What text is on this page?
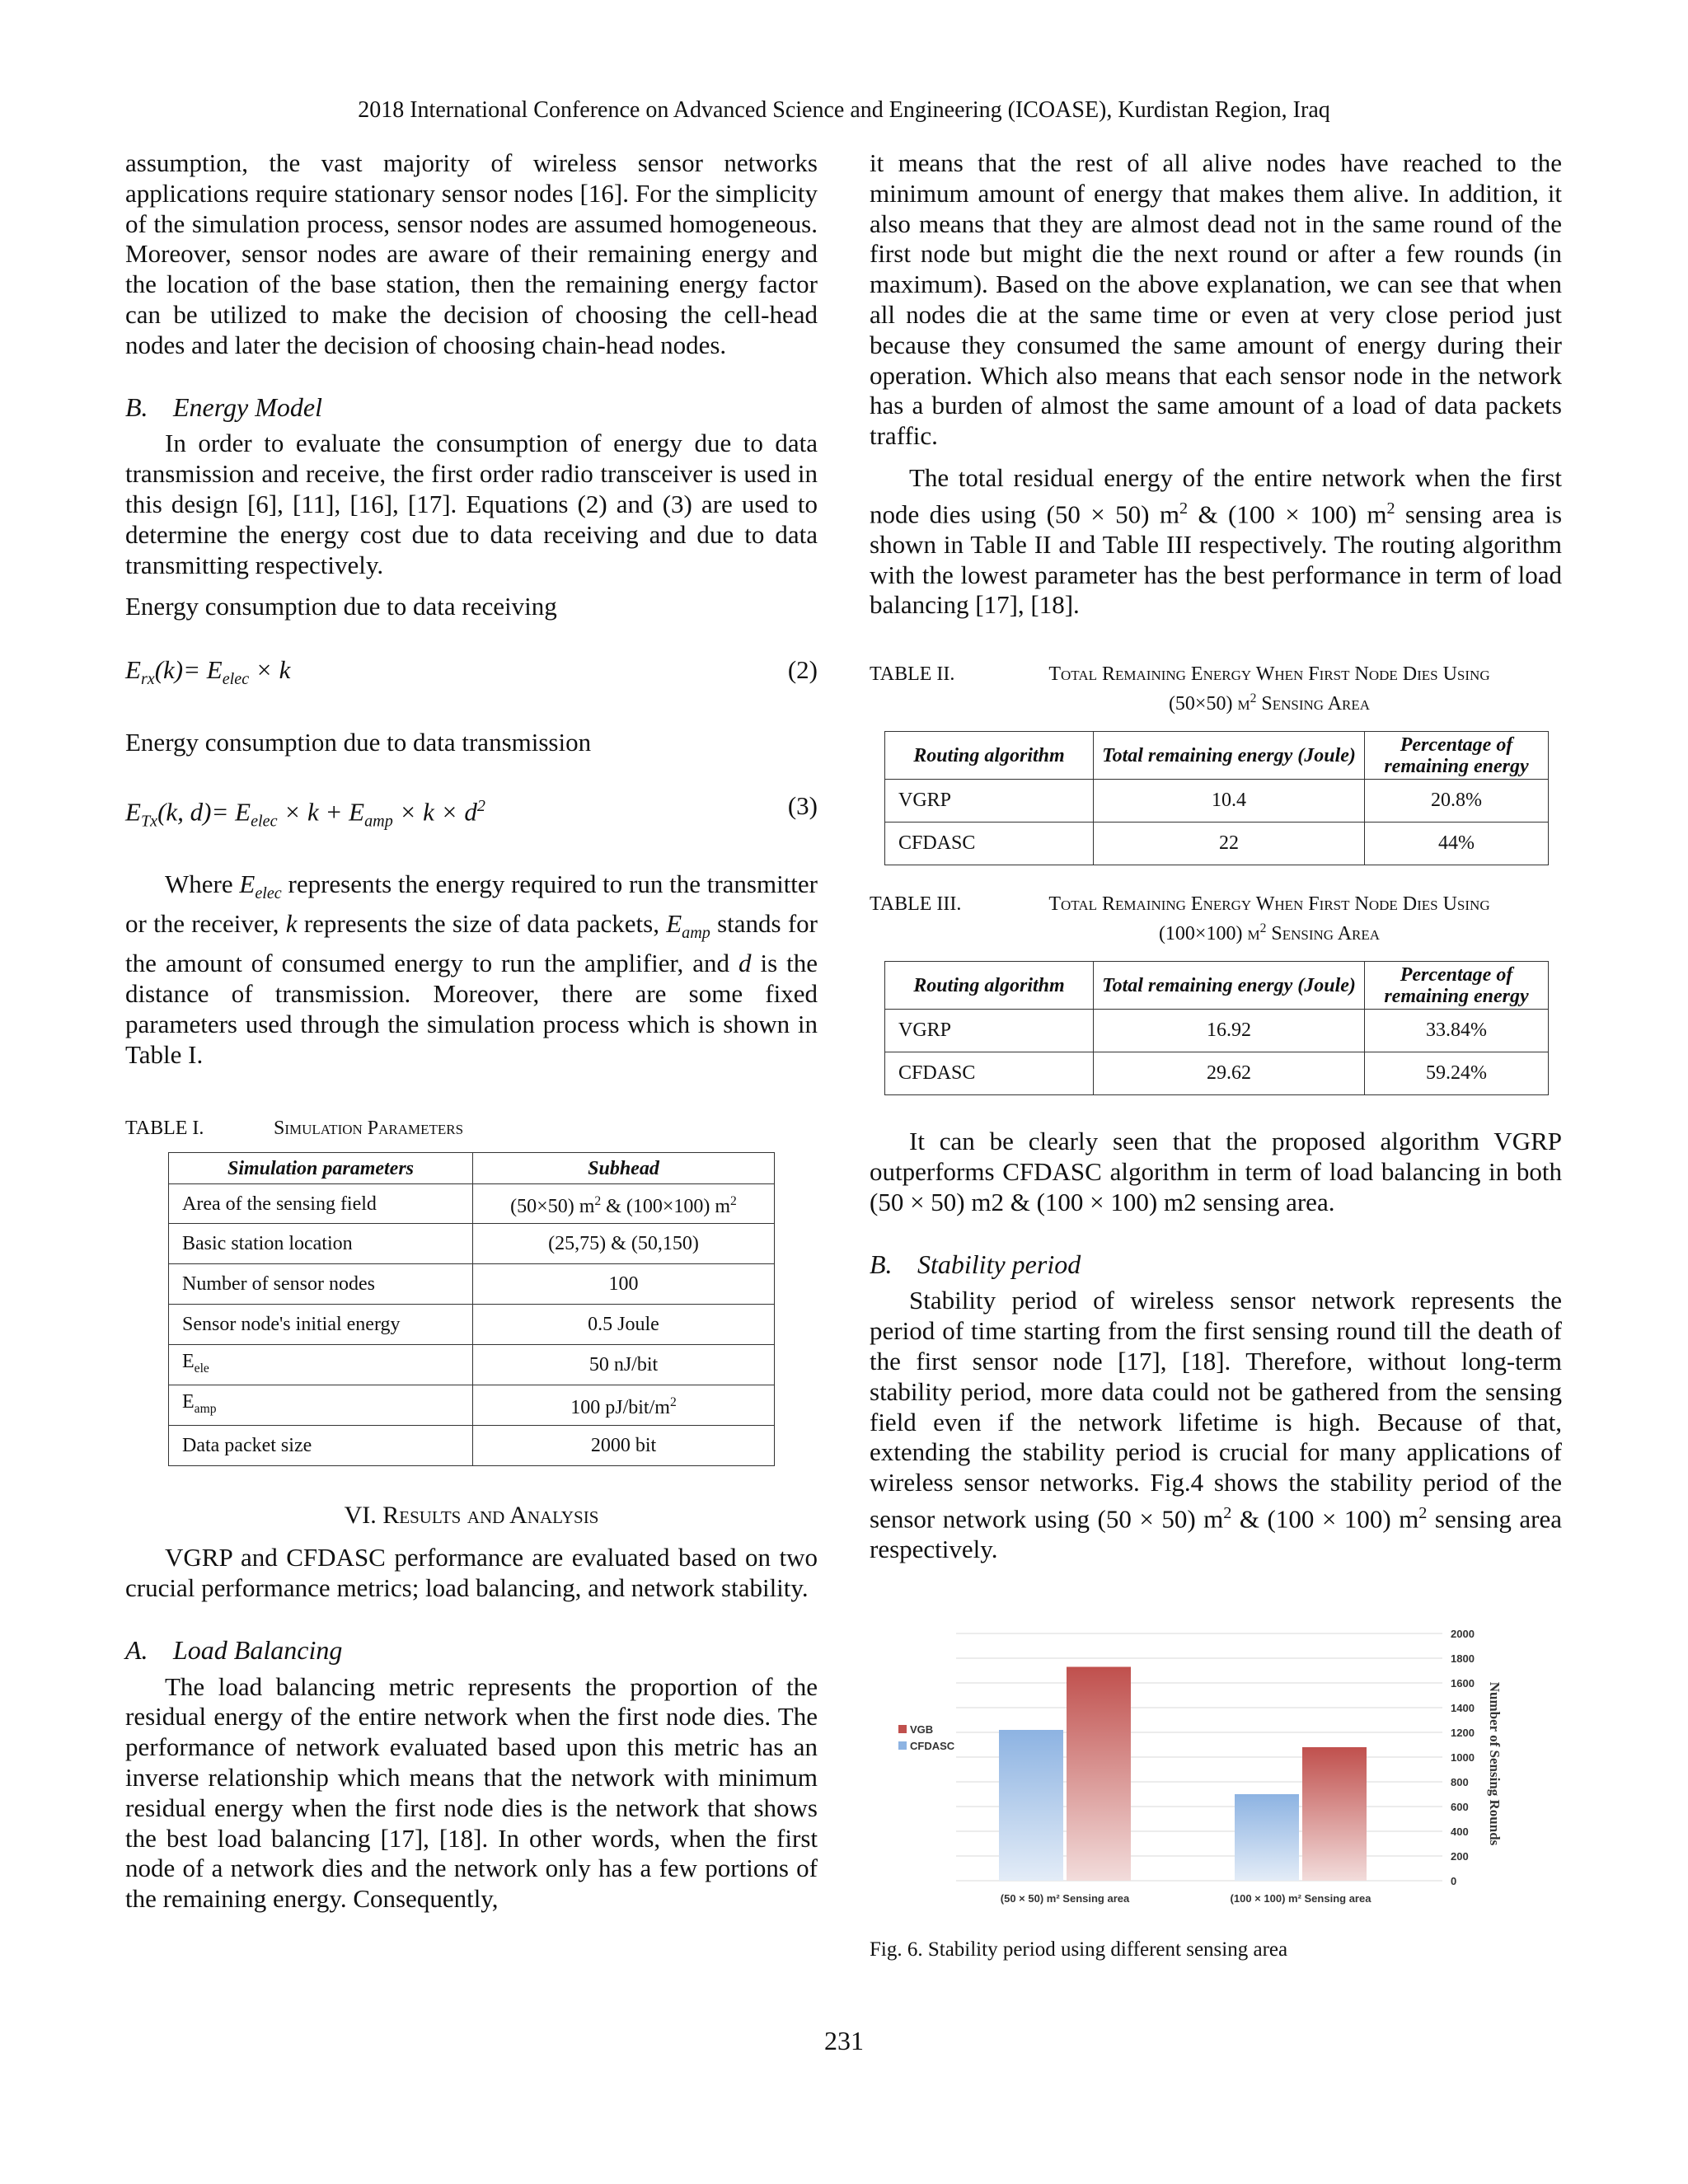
2018 International Conference on Advanced Science and Engineering (ICOASE), Kurdistan Region, Iraq

assumption, the vast majority of wireless sensor networks applications require stationary sensor nodes [16]. For the simplicity of the simulation process, sensor nodes are assumed homogeneous. Moreover, sensor nodes are aware of their remaining energy and the location of the base station, then the remaining energy factor can be utilized to make the decision of choosing the cell-head nodes and later the decision of choosing chain-head nodes.

B. Energy Model

In order to evaluate the consumption of energy due to data transmission and receive, the first order radio transceiver is used in this design [6], [11], [16], [17]. Equations (2) and (3) are used to determine the energy cost due to data receiving and due to data transmitting respectively.

Energy consumption due to data receiving

$E_{rx}(k)= E_{elec} \times k$	(2)

Energy consumption due to data transmission

$E_{Tx}(k$, $d)= E_{elec} \times k + E_{amp} \times k \times d^2$	(3)

Where $E_{elec}$ represents the energy required to run the transmitter or the receiver, k represents the size of data packets, $E_{amp}$ stands for the amount of consumed energy to run the amplifier, and d is the distance of transmission. Moreover, there are some fixed parameters used through the simulation process which is shown in Table I.

TABLE I.	Simulation Parameters
Simulation parameters	Subhead
Area of the sensing field	(50×50) $m^2$ & (100×100) $m^2$
Basic station location	(25,75) & (50,150)
Number of sensor nodes	100
Sensor node's initial energy	0.5 Joule
$E_{ele}$	50 nJ/bit
$E_{amp}$	100 $pJ/bit/m^2$
Data packet size	2000 bit
VI. Results and Analysis

VGRP and CFDASC performance are evaluated based on two crucial performance metrics; load balancing, and network stability.

A. Load Balancing

The load balancing metric represents the proportion of the residual energy of the entire network when the first node dies. The performance of network evaluated based upon this metric has an inverse relationship which means that the network with minimum residual energy when the first node dies is the network that shows the best load balancing [17], [18]. In other words, when the first node of a network dies and the network only has a few portions of the remaining energy. Consequently,

it means that the rest of all alive nodes have reached to the minimum amount of energy that makes them alive. In addition, it also means that they are almost dead not in the same round of the first node but might die the next round or after a few rounds (in maximum). Based on the above explanation, we can see that when all nodes die at the same time or even at very close period just because they consumed the same amount of energy during their operation. Which also means that each sensor node in the network has a burden of almost the same amount of a load of data packets traffic.

The total residual energy of the entire network when the first node dies using (50 × 50) $m^2$ & (100 × 100) $m^2$ sensing area is shown in Table II and Table III respectively. The routing algorithm with the lowest parameter has the best performance in term of load balancing [17], [18].

TABLE II.	Total Remaining Energy When First Node Dies Using
(50×50) $m^2$ Sensing Area
Routing algorithm	Total remaining energy (Joule)	Percentage of remaining energy
VGRP	10.4	20.8%
CFDASC	22	44%
TABLE III.	Total Remaining Energy When First Node Dies Using
(100×100) $m^2$ Sensing Area
Routing algorithm	Total remaining energy (Joule)	Percentage of remaining energy
VGRP	16.92	33.84%
CFDASC	29.62	59.24%

It can be clearly seen that the proposed algorithm VGRP outperforms CFDASC algorithm in term of load balancing in both (50 × 50) m2 & (100 × 100) m2 sensing area.

B. Stability period

Stability period of wireless sensor network represents the period of time starting from the first sensing round till the death of the first sensor node [17], [18]. Therefore, without long-term stability period, more data could not be gathered from the sensing field even if the network lifetime is high. Because of that, extending the stability period is crucial for many applications of wireless sensor networks. Fig.4 shows the stability period of the sensor network using (50 × 50) $m^2$ & (100 × 100) $m^2$ sensing area respectively.

2000
1800
1600
1400
1200
1000
800
600
400
200
0
VGB
CFDASC
(50 × 50) m² Sensing area	(100 × 100) m² Sensing area
Number of Sensing Rounds
Fig. 6. Stability period using different sensing area
231
